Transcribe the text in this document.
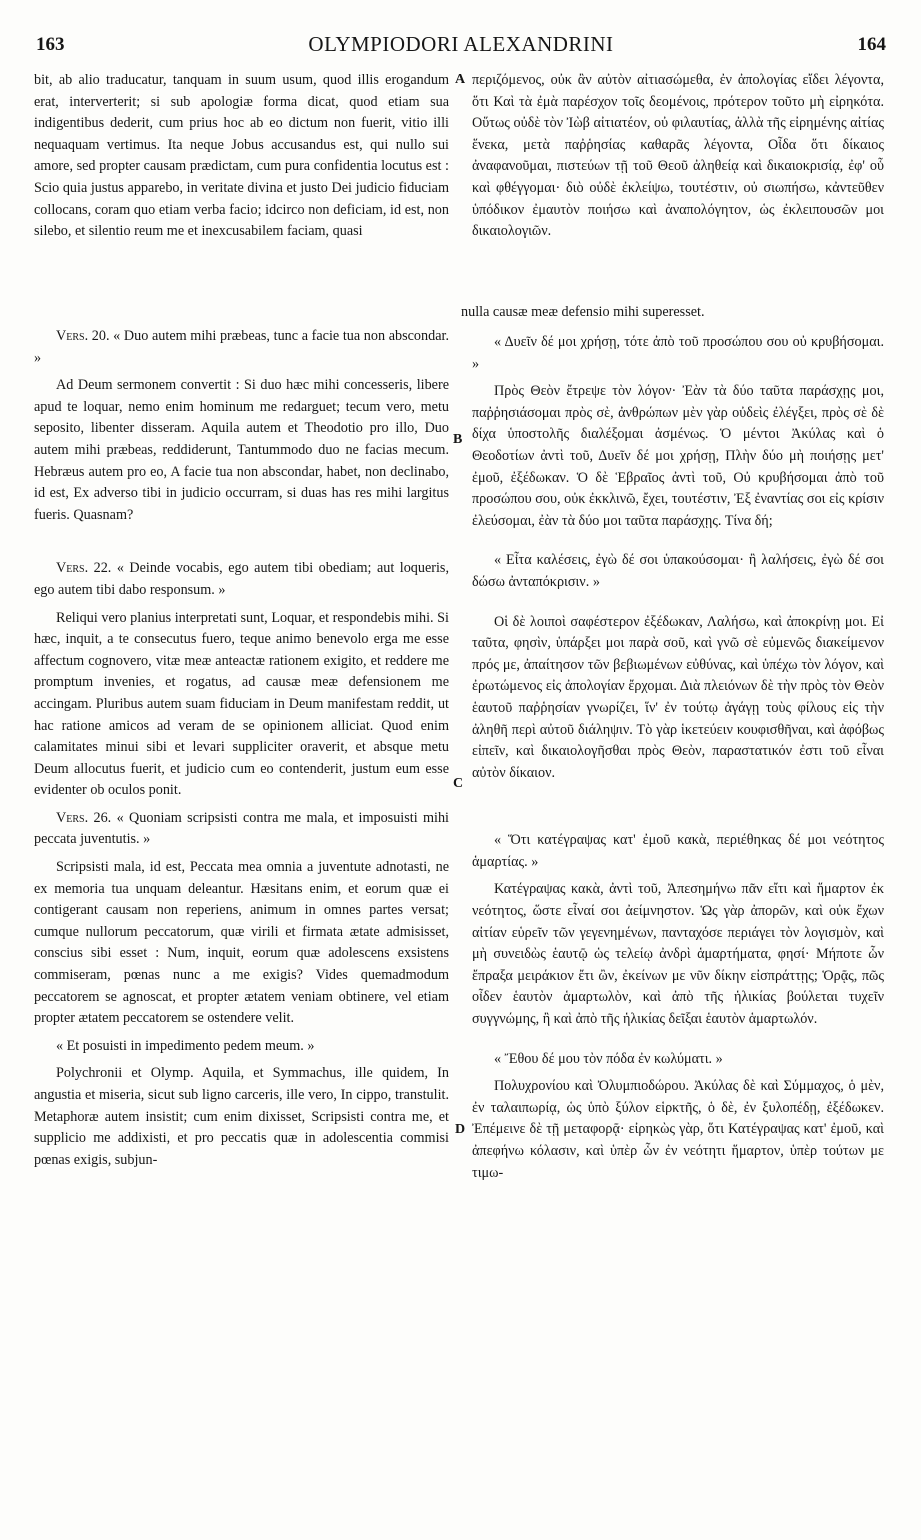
163	OLYMPIODORI ALEXANDRINI	164
A
B
C
D
bit, ab alio traducatur, tanquam in suum usum, quod illis erogandum erat, interverterit; si sub apologiæ forma dicat, quod etiam sua indigentibus dederit, cum prius hoc ab eo dictum non fuerit, vitio illi nequaquam vertimus. Ita neque Jobus accusandus est, qui nullo sui amore, sed propter causam prædictam, cum pura confidentia locutus est : Scio quia justus apparebo, in veritate divina et justo Dei judicio fiduciam collocans, coram quo etiam verba facio; idcirco non deficiam, id est, non silebo, et silentio reum me et inexcusabilem faciam, quasi

Vers. 20. « Duo autem mihi præbeas, tunc a facie tua non abscondar. »

Ad Deum sermonem convertit : Si duo hæc mihi concesseris, libere apud te loquar, nemo enim hominum me redarguet; tecum vero, metu seposito, libenter disseram. Aquila autem et Theodotio pro illo, Duo autem mihi præbeas, reddiderunt, Tantummodo duo ne facias mecum. Hebræus autem pro eo, A facie tua non abscondar, habet, non declinabo, id est, Ex adverso tibi in judicio occurram, si duas has res mihi largitus fueris. Quasnam?

Vers. 22. « Deinde vocabis, ego autem tibi obediam; aut loqueris, ego autem tibi dabo responsum. »

Reliqui vero planius interpretati sunt, Loquar, et respondebis mihi. Si hæc, inquit, a te consecutus fuero, teque animo benevolo erga me esse affectum cognovero, vitæ meæ anteactæ rationem exigito, et reddere me promptum invenies, et rogatus, ad causæ meæ defensionem me accingam. Pluribus autem suam fiduciam in Deum manifestam reddit, ut hac ratione amicos ad veram de se opinionem alliciat. Quod enim calamitates minui sibi et levari suppliciter oraverit, et absque metu Deum allocutus fuerit, et judicio cum eo contenderit, justum eum esse evidenter ob oculos ponit.

Vers. 26. « Quoniam scripsisti contra me mala, et imposuisti mihi peccata juventutis. »

Scripsisti mala, id est, Peccata mea omnia a juventute adnotasti, ne ex memoria tua unquam deleantur. Hæsitans enim, et eorum quæ ei contigerant causam non reperiens, animum in omnes partes versat; cumque nullorum peccatorum, quæ virili et firmata ætate admisisset, conscius sibi esset : Num, inquit, eorum quæ adolescens exsistens commiseram, pœnas nunc a me exigis? Vides quemadmodum peccatorem se agnoscat, et propter ætatem veniam obtinere, vel etiam propter ætatem peccatorem se ostendere velit.
« Et posuisti in impedimento pedem meum. »
Polychronii et Olymp. Aquila, et Symmachus, ille quidem, In angustia et miseria, sicut sub ligno carceris, ille vero, In cippo, transtulit. Metaphoræ autem insistit; cum enim dixisset, Scripsisti contra me, et supplicio me addixisti, et pro peccatis quæ in adolescentia commisi pœnas exigis, subjun-
nulla causæ meæ defensio mihi superesset.
περιζόμενος, οὐκ ἂν αὐτὸν αἰτιασώμεθα, ἐν ἀπολογίας εἴδει λέγοντα, ὅτι Καὶ τὰ ἐμὰ παρέσχον τοῖς δεομένοις, πρότερον τοῦτο μὴ εἰρηκότα. Οὕτως οὐδὲ τὸν Ἰὼβ αἰτιατέον, οὐ φιλαυτίας, ἀλλὰ τῆς εἰρημένης αἰτίας ἕνεκα, μετὰ παῤῥησίας καθαρᾶς λέγοντα, Οἶδα ὅτι δίκαιος ἀναφανοῦμαι, πιστεύων τῇ τοῦ Θεοῦ ἀληθείᾳ καὶ δικαιοκρισίᾳ, ἐφ' οὗ καὶ φθέγγομαι· διὸ οὐδὲ ἐκλείψω, τουτέστιν, οὐ σιωπήσω, κἀντεῦθεν ὑπόδικον ἐμαυτὸν ποιήσω καὶ ἀναπολόγητον, ὡς ἐκλειπουσῶν μοι δικαιολογιῶν.
« Δυεῖν δέ μοι χρήσῃ, τότε ἀπὸ τοῦ προσώπου σου οὐ κρυβήσομαι. »
Πρὸς Θεὸν ἔτρεψε τὸν λόγον· Ἐὰν τὰ δύο ταῦτα παράσχῃς μοι, παῤῥησιάσομαι πρὸς σὲ, ἀνθρώπων μὲν γὰρ οὐδεὶς ἐλέγξει, πρὸς σὲ δὲ δίχα ὑποστολῆς διαλέξομαι ἀσμένως. Ὁ μέντοι Ἀκύλας καὶ ὁ Θεοδοτίων ἀντὶ τοῦ, Δυεῖν δέ μοι χρήσῃ, Πλὴν δύο μὴ ποιήσῃς μετ' ἐμοῦ, ἐξέδωκαν. Ὁ δὲ Ἑβραῖος ἀντὶ τοῦ, Οὐ κρυβήσομαι ἀπὸ τοῦ προσώπου σου, οὐκ ἐκκλινῶ, ἔχει, τουτέστιν, Ἐξ ἐναντίας σοι εἰς κρίσιν ἐλεύσομαι, ἐὰν τὰ δύο μοι ταῦτα παράσχῃς. Τίνα δή;
« Εἶτα καλέσεις, ἐγὼ δέ σοι ὑπακούσομαι· ἢ λαλήσεις, ἐγὼ δέ σοι δώσω ἀνταπόκρισιν. »
Οἱ δὲ λοιποὶ σαφέστερον ἐξέδωκαν, Λαλήσω, καὶ ἀποκρίνῃ μοι. Εἰ ταῦτα, φησὶν, ὑπάρξει μοι παρὰ σοῦ, καὶ γνῶ σὲ εὐμενῶς διακείμενον πρός με, ἀπαίτησον τῶν βεβιωμένων εὐθύνας, καὶ ὑπέχω τὸν λόγον, καὶ ἐρωτώμενος εἰς ἀπολογίαν ἔρχομαι. Διὰ πλειόνων δὲ τὴν πρὸς τὸν Θεὸν ἑαυτοῦ παῤῥησίαν γνωρίζει, ἵν' ἐν τούτῳ ἀγάγῃ τοὺς φίλους εἰς τὴν ἀληθῆ περὶ αὐτοῦ διάληψιν. Τὸ γὰρ ἱκετεύειν κουφισθῆναι, καὶ ἀφόβως εἰπεῖν, καὶ δικαιολογῆσθαι πρὸς Θεὸν, παραστατικόν ἐστι τοῦ εἶναι αὐτὸν δίκαιον.
« Ὅτι κατέγραψας κατ' ἐμοῦ κακὰ, περιέθηκας δέ μοι νεότητος ἁμαρτίας. »
Κατέγραψας κακὰ, ἀντὶ τοῦ, Ἀπεσημήνω πᾶν εἴτι καὶ ἥμαρτον ἐκ νεότητος, ὥστε εἶναί σοι ἀείμνηστον. Ὡς γὰρ ἀπορῶν, καὶ οὐκ ἔχων αἰτίαν εὑρεῖν τῶν γεγενημένων, πανταχόσε περιάγει τὸν λογισμὸν, καὶ μὴ συνειδὼς ἑαυτῷ ὡς τελείῳ ἀνδρὶ ἁμαρτήματα, φησί· Μήποτε ὧν ἔπραξα μειράκιον ἔτι ὢν, ἐκείνων με νῦν δίκην εἰσπράττῃς; Ὁρᾷς, πῶς οἶδεν ἑαυτὸν ἁμαρτωλὸν, καὶ ἀπὸ τῆς ἡλικίας βούλεται τυχεῖν συγγνώμης, ἢ καὶ ἀπὸ τῆς ἡλικίας δεῖξαι ἑαυτὸν ἁμαρτωλόν.
« Ἔθου δέ μου τὸν πόδα ἐν κωλύματι. »
Πολυχρονίου καὶ Ὀλυμπιοδώρου. Ἀκύλας δὲ καὶ Σύμμαχος, ὁ μὲν, ἐν ταλαιπωρίᾳ, ὡς ὑπὸ ξύλον εἱρκτῆς, ὁ δὲ, ἐν ξυλοπέδῃ, ἐξέδωκεν. Ἐπέμεινε δὲ τῇ μεταφορᾷ· εἰρηκὼς γὰρ, ὅτι Κατέγραψας κατ' ἐμοῦ, καὶ ἀπεφήνω κόλασιν, καὶ ὑπὲρ ὧν ἐν νεότητι ἥμαρτον, ὑπὲρ τούτων με τιμω-
